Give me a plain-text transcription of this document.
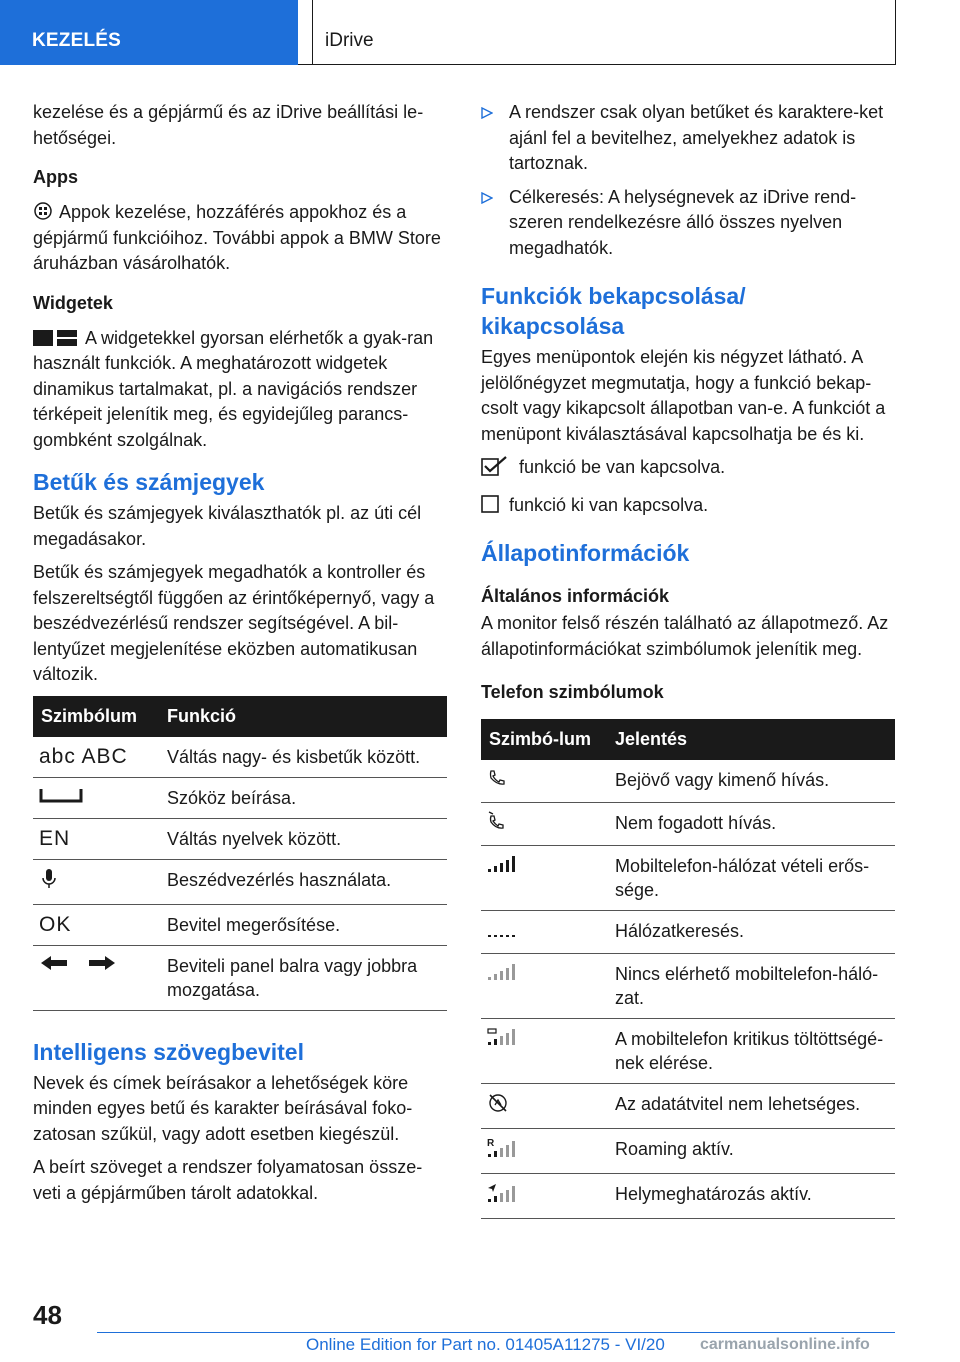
KEZELÉS	iDrive

kezelése és a gépjármű és az iDrive beállítási le-hetőségei.

Apps

Appok kezelése, hozzáférés appokhoz és a gépjármű funkcióihoz. További appok a BMW Store áruházban vásárolhatók.

Widgetek

A widgetekkel gyorsan elérhetők a gyak-ran használt funkciók. A meghatározott widgetek dinamikus tartalmakat, pl. a navigációs rendszer térképeit jelenítik meg, és egyidejűleg parancs-gombként szolgálnak.

Betűk és számjegyek

Betűk és számjegyek kiválaszthatók pl. az úti cél megadásakor.

Betűk és számjegyek megadhatók a kontroller és felszereltségtől függően az érintőképernyő, vagy a beszédvezérlésű rendszer segítségével. A bil-lentyűzet megjelenítése eközben automatikusan változik.

Szimbólum	Funkció
abc ABC	Váltás nagy- és kisbetűk között.
	Szóköz beírása.
EN	Váltás nyelvek között.
	Beszédvezérlés használata.
OK	Bevitel megerősítése.
	Beviteli panel balra vagy jobbra mozgatása.
Intelligens szövegbevitel

Nevek és címek beírásakor a lehetőségek köre minden egyes betű és karakter beírásával foko-zatosan szűkül, vagy adott esetben kiegészül.

A beírt szöveget a rendszer folyamatosan össze-veti a gépjárműben tárolt adatokkal.

A rendszer csak olyan betűket és karaktere-ket ajánl fel a bevitelhez, amelyekhez adatok is tartoznak.
Célkeresés: A helységnevek az iDrive rend-szeren rendelkezésre álló összes nyelven megadhatók.
Funkciók bekapcsolása/ kikapcsolása

Egyes menüpontok elején kis négyzet látható. A jelölőnégyzet megmutatja, hogy a funkció bekap-csolt vagy kikapcsolt állapotban van-e. A funkciót a menüpont kiválasztásával kapcsolhatja be és ki.

funkció be van kapcsolva.
funkció ki van kapcsolva.
Állapotinformációk
Általános információk

A monitor felső részén található az állapotmező. Az állapotinformációkat szimbólumok jelenítik meg.

Telefon szimbólumok
Szimbó-lum	Jelentés
	Bejövő vagy kimenő hívás.
	Nem fogadott hívás.
	Mobiltelefon-hálózat vételi erős-sége.
	Hálózatkeresés.
	Nincs elérhető mobiltelefon-háló-zat.
	A mobiltelefon kritikus töltöttségé-nek elérése.
	Az adatátvitel nem lehetséges.

R	Roaming aktív.
	Helymeghatározás aktív.
48
Online Edition for Part no. 01405A11275 - VI/20 carmanualsonline.info
